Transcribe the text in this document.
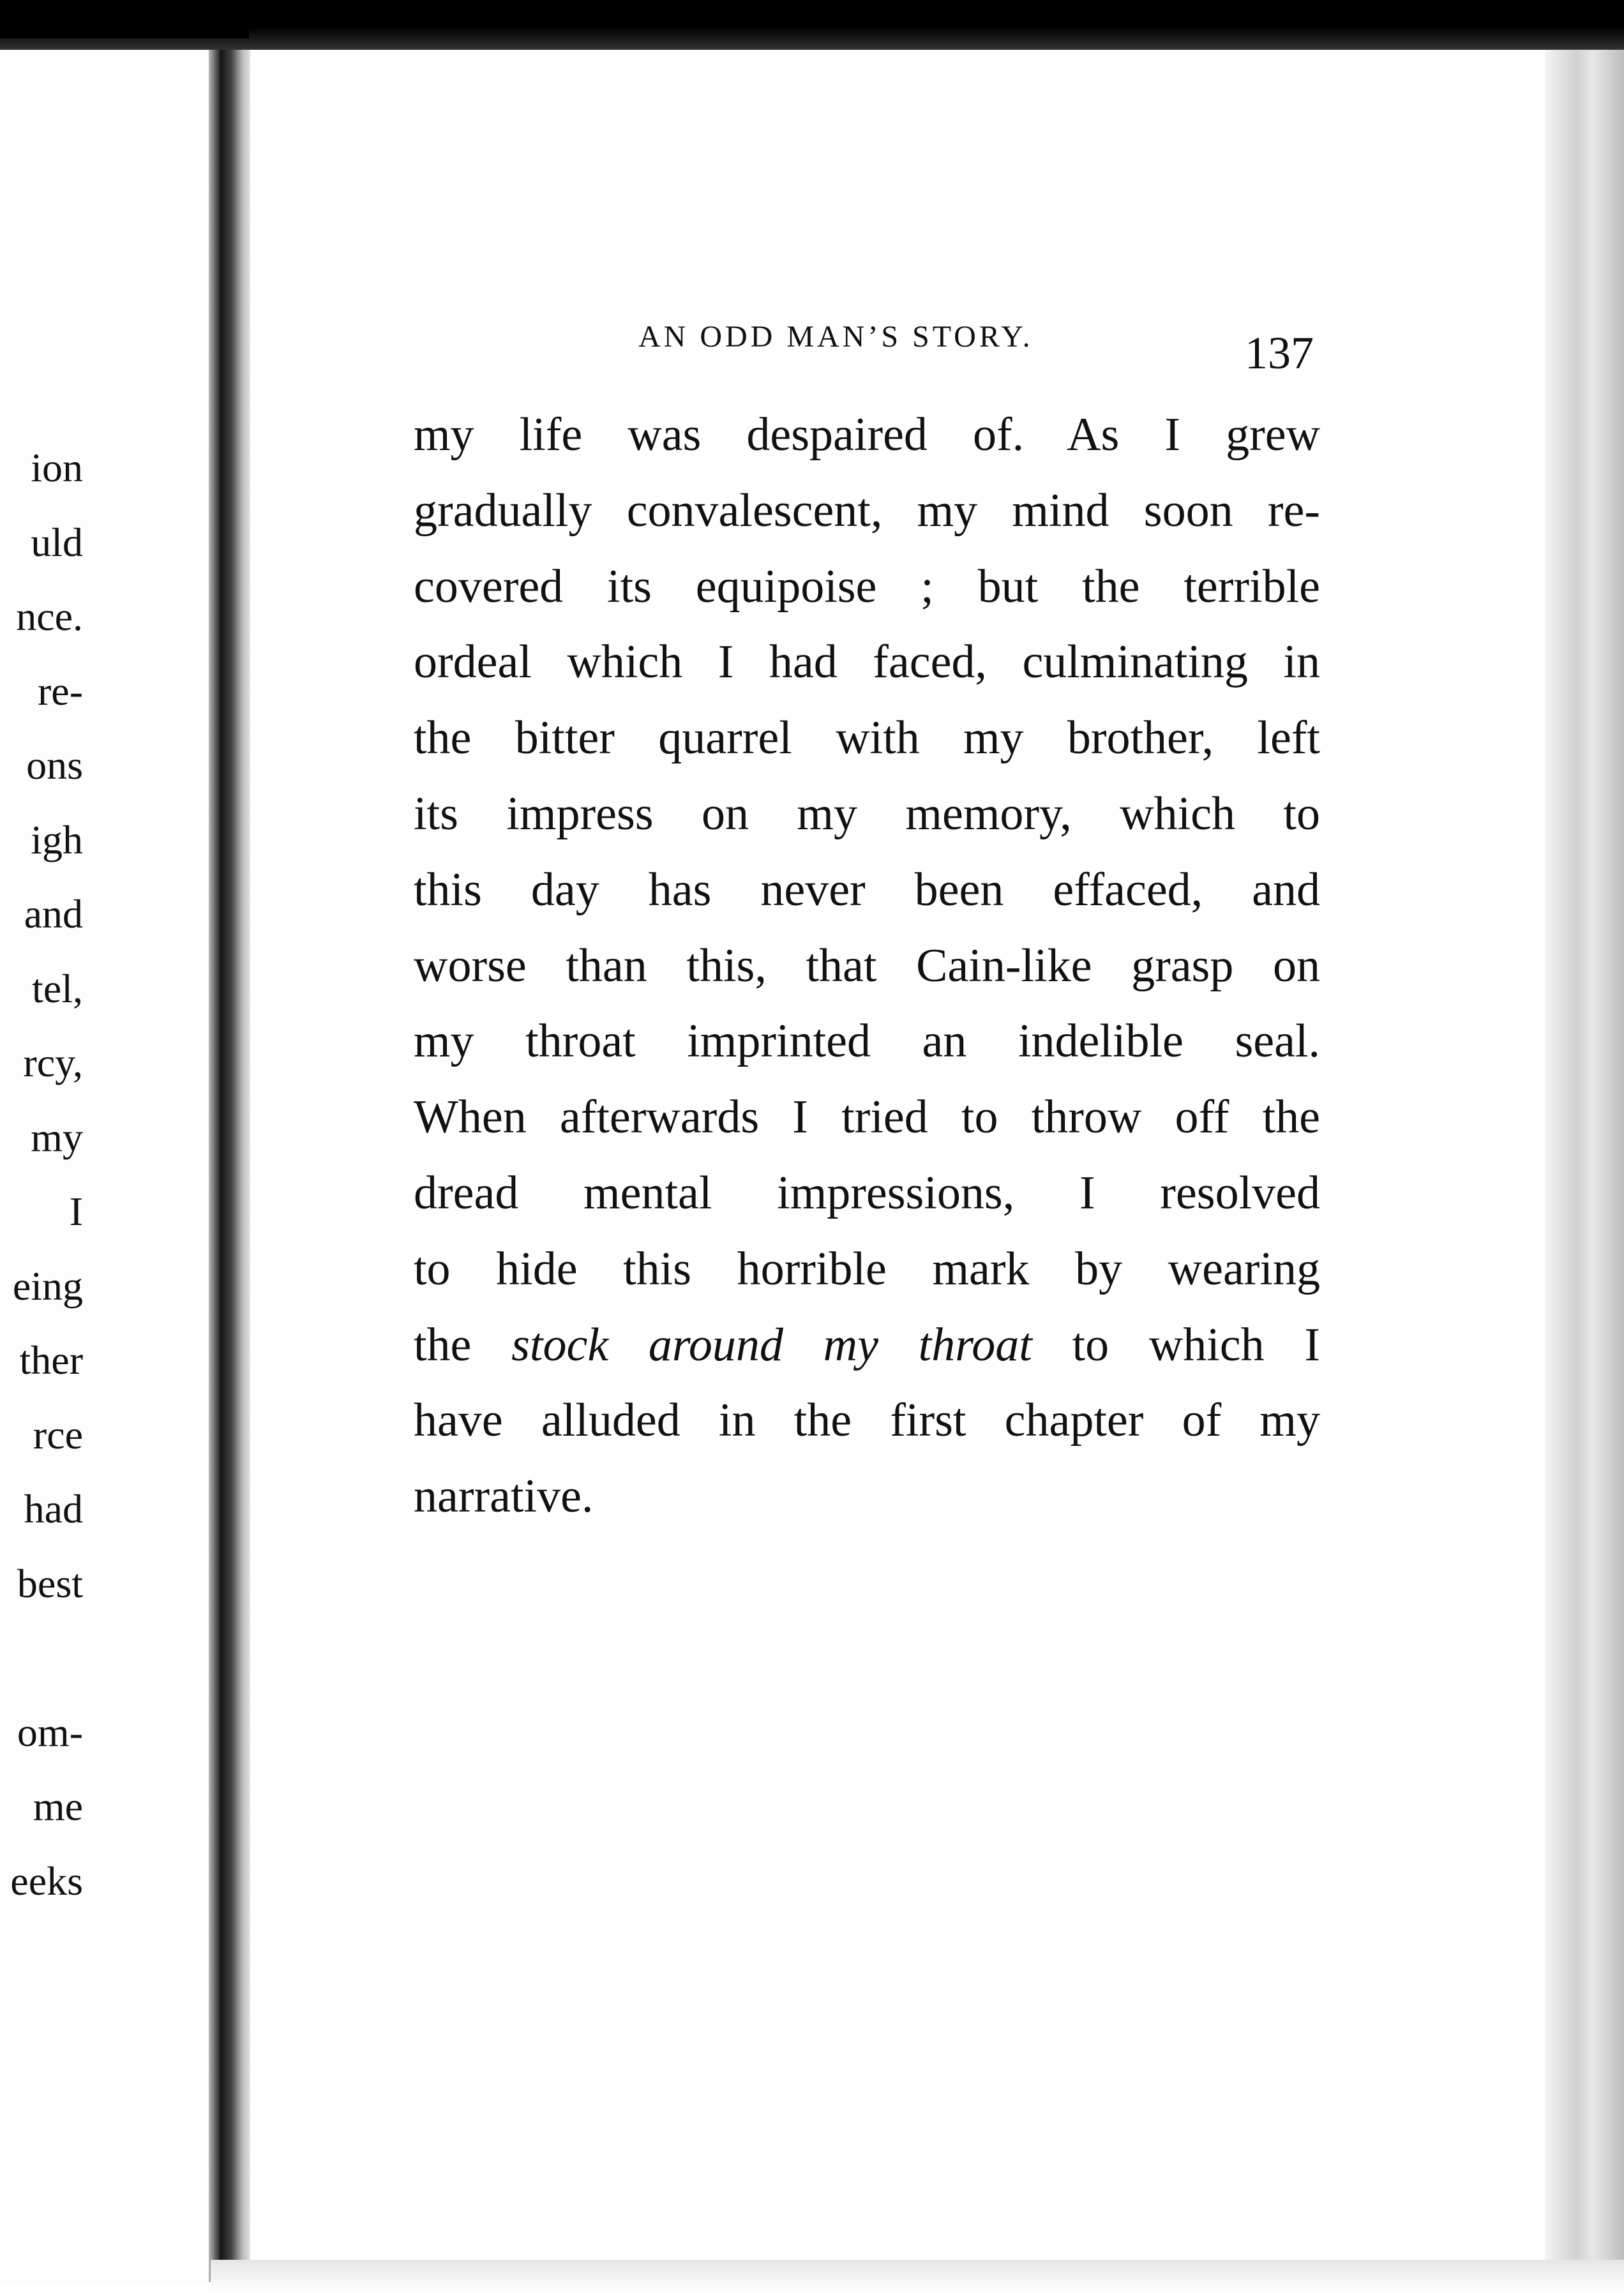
ion
uld
nce.
re-
ons
igh
and
tel,
rcy,
my
I
eing
ther
rce
had
best

om-
me
eeks
AN ODD MAN’S STORY.	137
my life was despaired of. As I grew
gradually convalescent, my mind soon re-
covered its equipoise ; but the terrible
ordeal which I had faced, culminating in
the bitter quarrel with my brother, left
its impress on my memory, which to
this day has never been effaced, and
worse than this, that Cain-like grasp on
my throat imprinted an indelible seal.
When afterwards I tried to throw off the
dread mental impressions, I resolved
to hide this horrible mark by wearing
the stock around my throat to which I
have alluded in the first chapter of my
narrative.
